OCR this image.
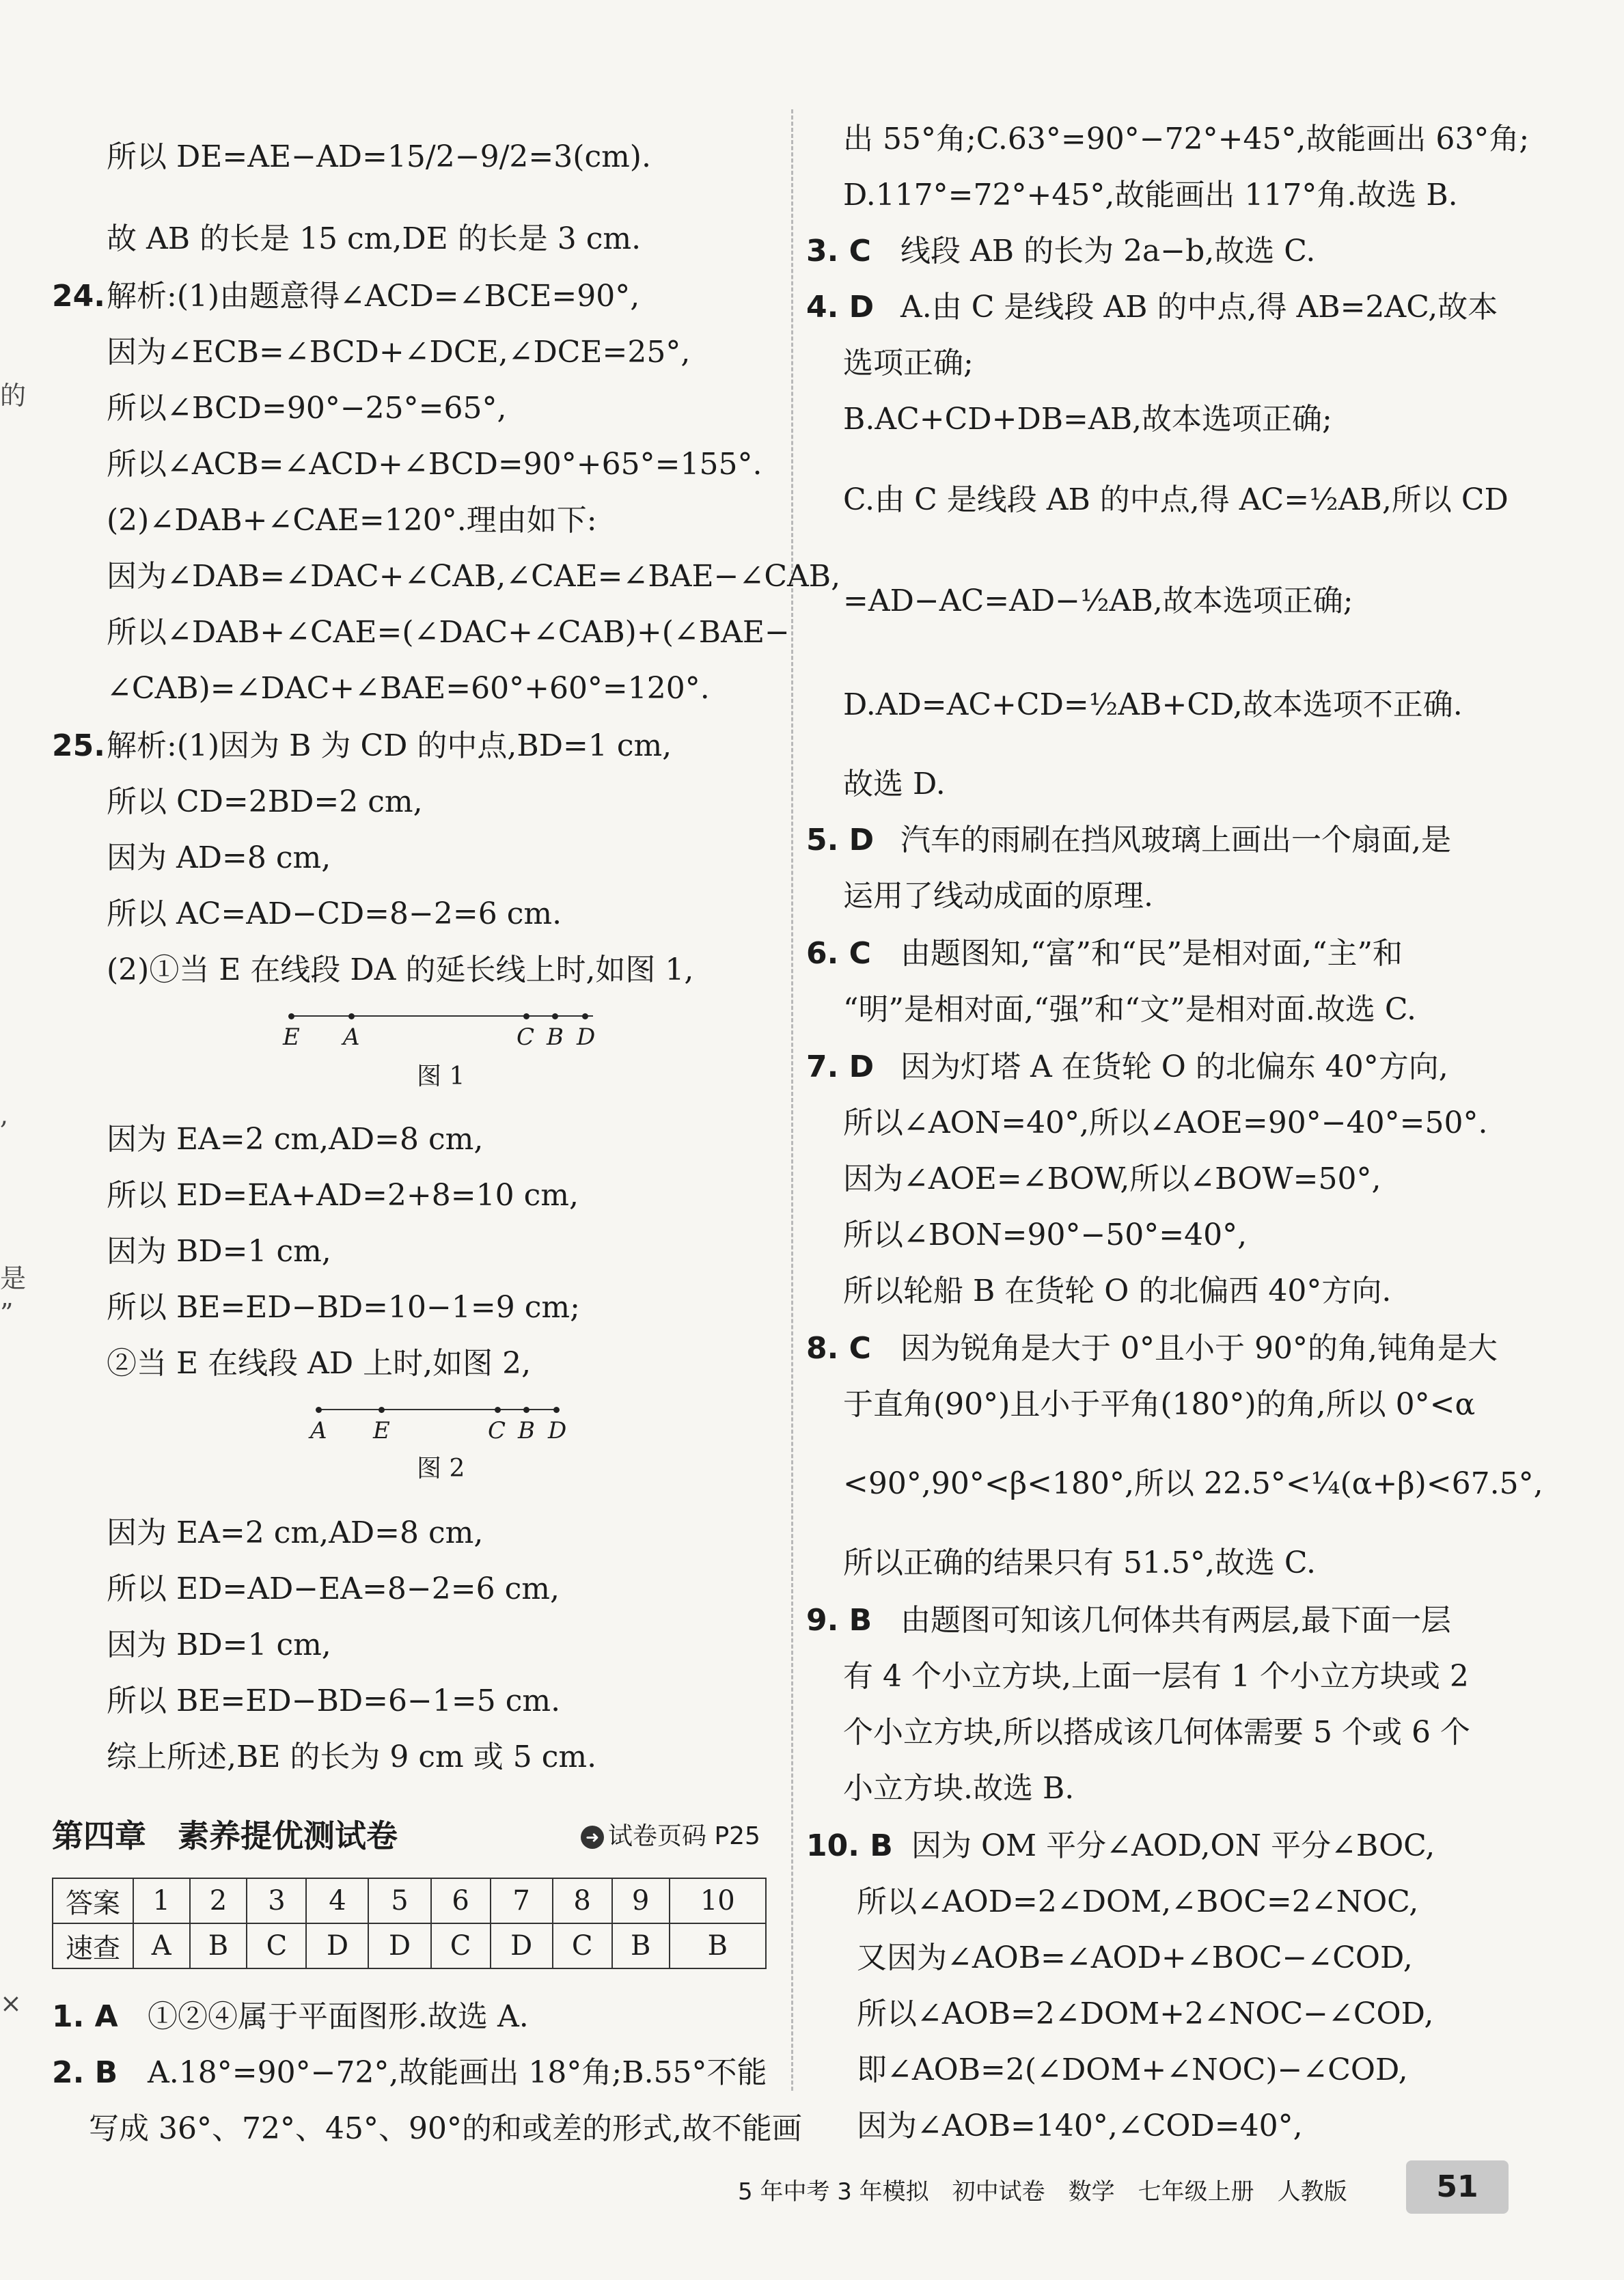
的
,
是
”
×
所以 DE=AE−AD=15/2−9/2=3(cm).
故 AB 的长是 15 cm,DE 的长是 3 cm.
24. 解析:(1)由题意得∠ACD=∠BCE=90°,
因为∠ECB=∠BCD+∠DCE,∠DCE=25°,
所以∠BCD=90°−25°=65°,
所以∠ACB=∠ACD+∠BCD=90°+65°=155°.
(2)∠DAB+∠CAE=120°.理由如下:
因为∠DAB=∠DAC+∠CAB,∠CAE=∠BAE−∠CAB,
所以∠DAB+∠CAE=(∠DAC+∠CAB)+(∠BAE−
∠CAB)=∠DAC+∠BAE=60°+60°=120°.
25. 解析:(1)因为 B 为 CD 的中点,BD=1 cm,
所以 CD=2BD=2 cm,
因为 AD=8 cm,
所以 AC=AD−CD=8−2=6 cm.
(2)①当 E 在线段 DA 的延长线上时,如图 1,
E A	C B D
图 1
因为 EA=2 cm,AD=8 cm,
所以 ED=EA+AD=2+8=10 cm,
因为 BD=1 cm,
所以 BE=ED−BD=10−1=9 cm;
②当 E 在线段 AD 上时,如图 2,
A E	C B D
图 2
因为 EA=2 cm,AD=8 cm,
所以 ED=AD−EA=8−2=6 cm,
因为 BD=1 cm,
所以 BE=ED−BD=6−1=5 cm.
综上所述,BE 的长为 9 cm 或 5 cm.
第四章　素养提优测试卷	➜ 试卷页码 P25
答案	1	2	3	4	5	6	7	8	9	10
速查	A	B	C	D	D	C	D	C	B	B
1. A ①②④属于平面图形.故选 A.
2. B A.18°=90°−72°,故能画出 18°角;B.55°不能
写成 36°、72°、45°、90°的和或差的形式,故不能画
出 55°角;C.63°=90°−72°+45°,故能画出 63°角;
D.117°=72°+45°,故能画出 117°角.故选 B.
3. C 线段 AB 的长为 2a−b,故选 C.
4. D A.由 C 是线段 AB 的中点,得 AB=2AC,故本
选项正确;
B.AC+CD+DB=AB,故本选项正确;
C.由 C 是线段 AB 的中点,得 AC=½AB,所以 CD
=AD−AC=AD−½AB,故本选项正确;
D.AD=AC+CD=½AB+CD,故本选项不正确.
故选 D.
5. D 汽车的雨刷在挡风玻璃上画出一个扇面,是
运用了线动成面的原理.
6. C 由题图知,“富”和“民”是相对面,“主”和
“明”是相对面,“强”和“文”是相对面.故选 C.
7. D 因为灯塔 A 在货轮 O 的北偏东 40°方向,
所以∠AON=40°,所以∠AOE=90°−40°=50°.
因为∠AOE=∠BOW,所以∠BOW=50°,
所以∠BON=90°−50°=40°,
所以轮船 B 在货轮 O 的北偏西 40°方向.
8. C 因为锐角是大于 0°且小于 90°的角,钝角是大
于直角(90°)且小于平角(180°)的角,所以 0°<α
<90°,90°<β<180°,所以 22.5°<¼(α+β)<67.5°,
所以正确的结果只有 51.5°,故选 C.
9. B 由题图可知该几何体共有两层,最下面一层
有 4 个小立方块,上面一层有 1 个小立方块或 2
个小立方块,所以搭成该几何体需要 5 个或 6 个
小立方块.故选 B.
10. B 因为 OM 平分∠AOD,ON 平分∠BOC,
所以∠AOD=2∠DOM,∠BOC=2∠NOC,
又因为∠AOB=∠AOD+∠BOC−∠COD,
所以∠AOB=2∠DOM+2∠NOC−∠COD,
即∠AOB=2(∠DOM+∠NOC)−∠COD,
因为∠AOB=140°,∠COD=40°,
5 年中考 3 年模拟　初中试卷　数学　七年级上册　人教版	51
